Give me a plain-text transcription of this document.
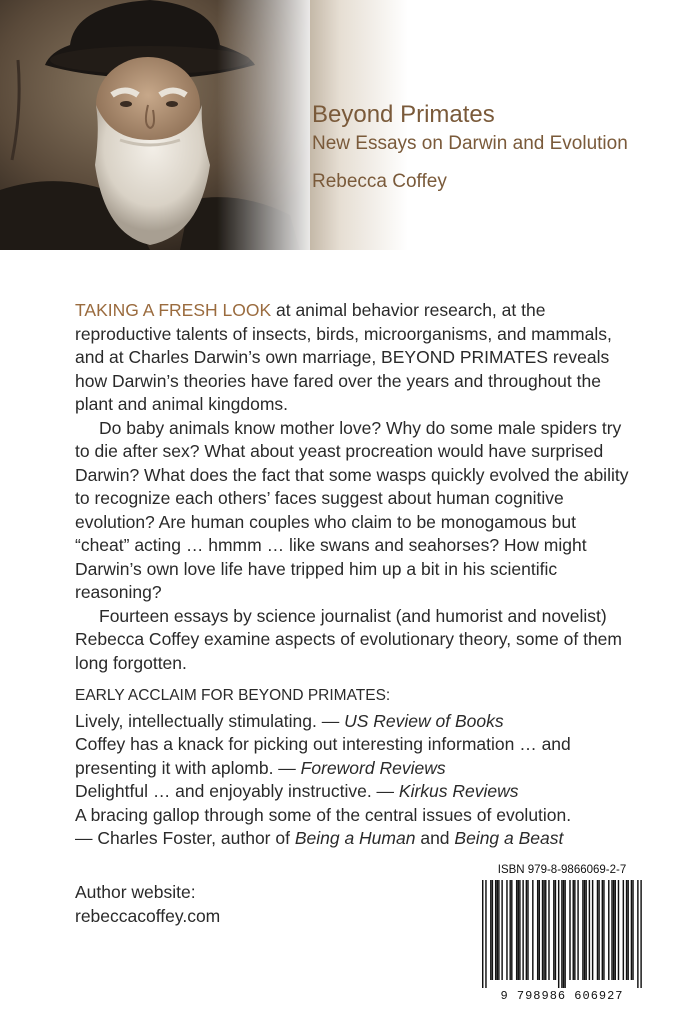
Beyond Primates
New Essays on Darwin and Evolution
Rebecca Coffey

TAKING A FRESH LOOK at animal behavior research, at the reproductive talents of insects, birds, microorganisms, and mammals, and at Charles Darwin’s own marriage, BEYOND PRIMATES reveals how Darwin’s theories have fared over the years and throughout the plant and animal kingdoms.

Do baby animals know mother love? Why do some male spiders try to die after sex? What about yeast procreation would have surprised Darwin? What does the fact that some wasps quickly evolved the ability to recognize each others’ faces suggest about human cognitive evolution? Are human couples who claim to be monogamous but “cheat” acting … hmmm … like swans and seahorses? How might Darwin’s own love life have tripped him up a bit in his scientific reasoning?

Fourteen essays by science journalist (and humorist and novelist) Rebecca Coffey examine aspects of evolutionary theory, some of them long forgotten.

EARLY ACCLAIM FOR BEYOND PRIMATES:

Lively, intellectually stimulating. — US Review of Books

Coffey has a knack for picking out interesting information … and presenting it with aplomb. — Foreword Reviews

Delightful … and enjoyably instructive. — Kirkus Reviews

A bracing gallop through some of the central issues of evolution.

— Charles Foster, author of Being a Human and Being a Beast

Author website:
rebeccacoffey.com

ISBN 979-8-9866069-2-7

9 798986 606927
